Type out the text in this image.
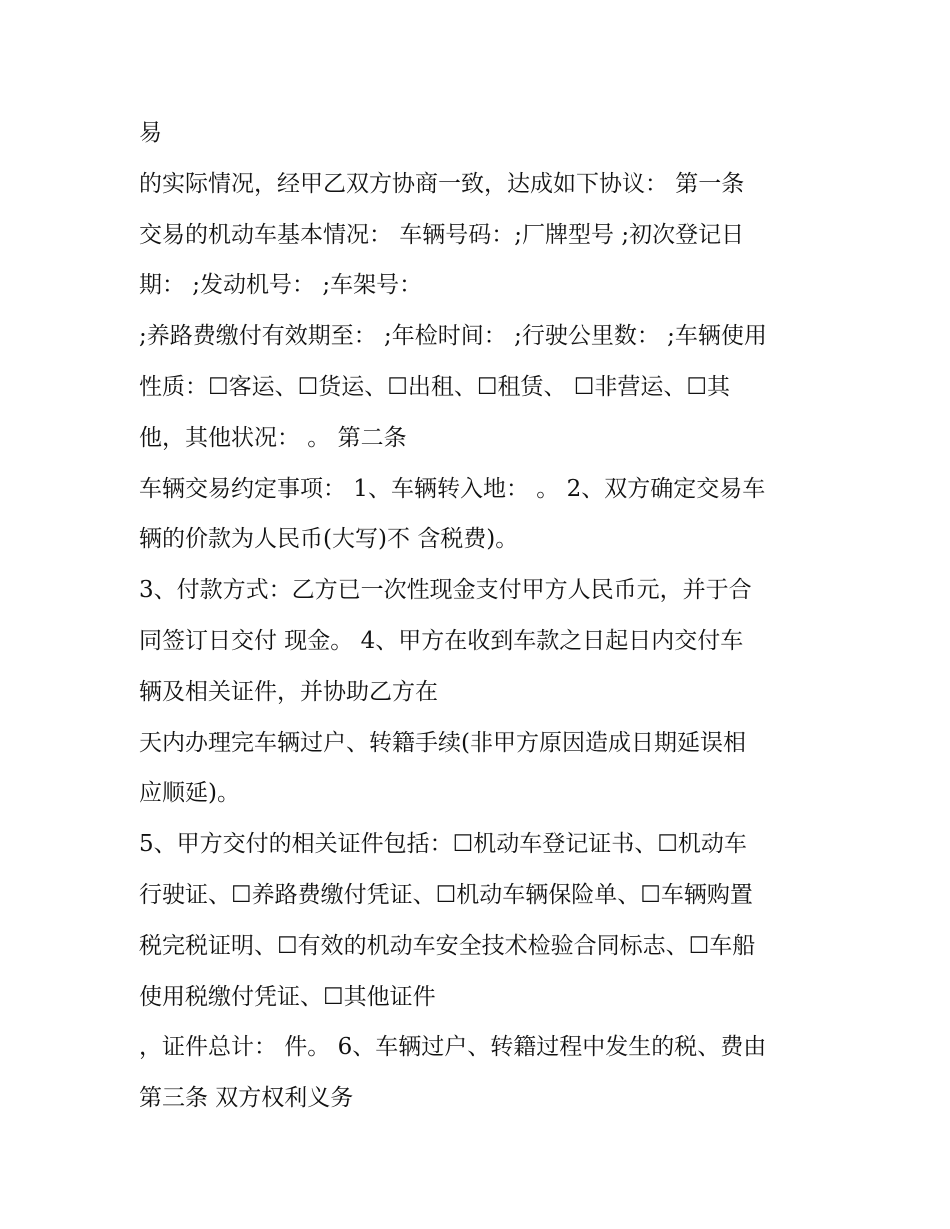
易
的实际情况，经甲乙双方协商一致，达成如下协议： 第一条
交易的机动车基本情况： 车辆号码：;厂牌型号 ;初次登记日
期： ;发动机号： ;车架号：
;养路费缴付有效期至： ;年检时间： ;行驶公里数： ;车辆使用
性质：☐客运、☐货运、☐出租、☐租赁、 ☐非营运、☐其
他，其他状况： 。 第二条
车辆交易约定事项： 1、车辆转入地： 。 2、双方确定交易车
辆的价款为人民币(大写)不 含税费)。
3、付款方式：乙方已一次性现金支付甲方人民币元，并于合
同签订日交付 现金。 4、甲方在收到车款之日起日内交付车
辆及相关证件，并协助乙方在
天内办理完车辆过户、转籍手续(非甲方原因造成日期延误相
应顺延)。
5、甲方交付的相关证件包括：☐机动车登记证书、☐机动车
行驶证、☐养路费缴付凭证、☐机动车辆保险单、☐车辆购置
税完税证明、☐有效的机动车安全技术检验合同标志、☐车船
使用税缴付凭证、☐其他证件
，证件总计： 件。 6、车辆过户、转籍过程中发生的税、费由
第三条 双方权利义务
